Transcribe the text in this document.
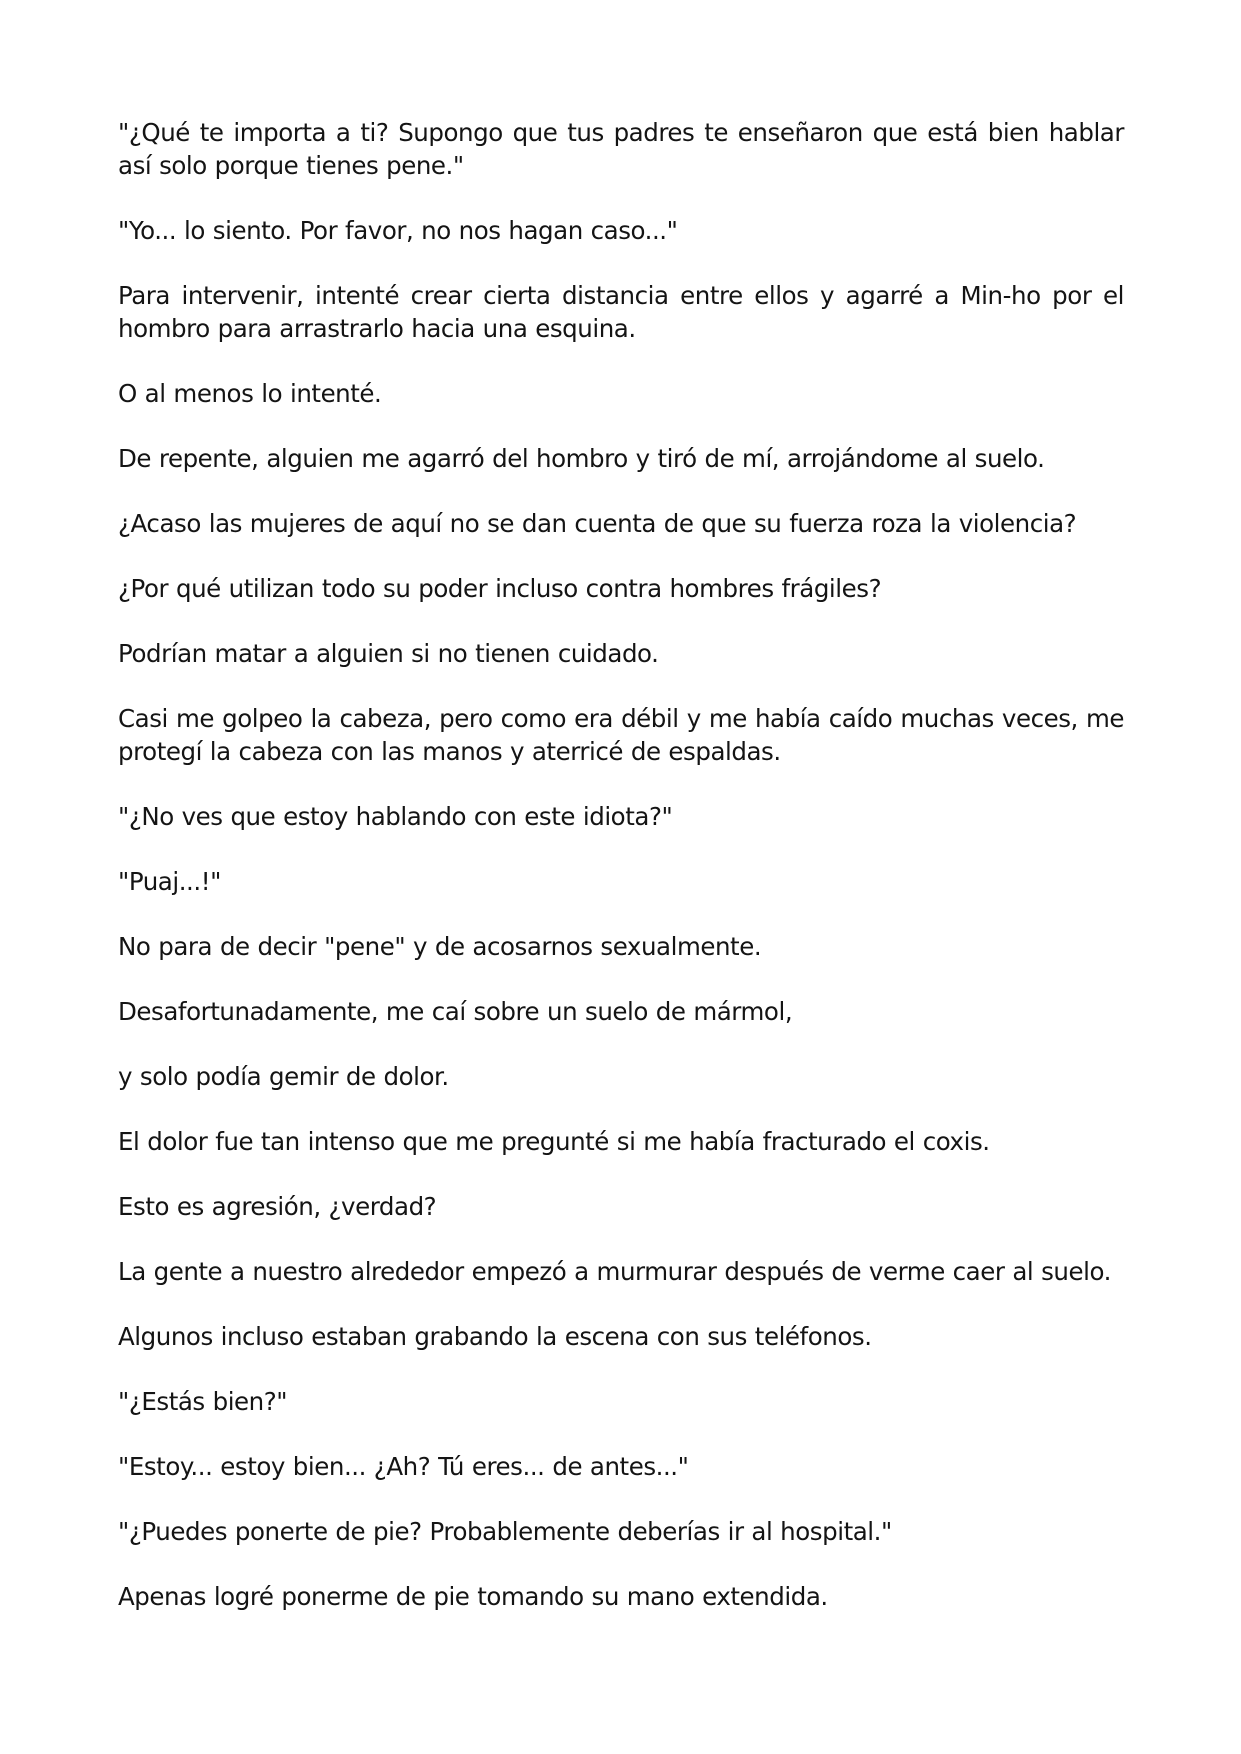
"¿Qué te importa a ti? Supongo que tus padres te enseñaron que está bien hablar así solo porque tienes pene."

"Yo... lo siento. Por favor, no nos hagan caso..."

Para intervenir, intenté crear cierta distancia entre ellos y agarré a Min-ho por el hombro para arrastrarlo hacia una esquina.

O al menos lo intenté.

De repente, alguien me agarró del hombro y tiró de mí, arrojándome al suelo.

¿Acaso las mujeres de aquí no se dan cuenta de que su fuerza roza la violencia?

¿Por qué utilizan todo su poder incluso contra hombres frágiles?

Podrían matar a alguien si no tienen cuidado.

Casi me golpeo la cabeza, pero como era débil y me había caído muchas veces, me protegí la cabeza con las manos y aterricé de espaldas.

"¿No ves que estoy hablando con este idiota?"

"Puaj...!"

No para de decir "pene" y de acosarnos sexualmente.

Desafortunadamente, me caí sobre un suelo de mármol,

y solo podía gemir de dolor.

El dolor fue tan intenso que me pregunté si me había fracturado el coxis.

Esto es agresión, ¿verdad?

La gente a nuestro alrededor empezó a murmurar después de verme caer al suelo.

Algunos incluso estaban grabando la escena con sus teléfonos.

"¿Estás bien?"

"Estoy... estoy bien... ¿Ah? Tú eres... de antes..."

"¿Puedes ponerte de pie? Probablemente deberías ir al hospital."

Apenas logré ponerme de pie tomando su mano extendida.
